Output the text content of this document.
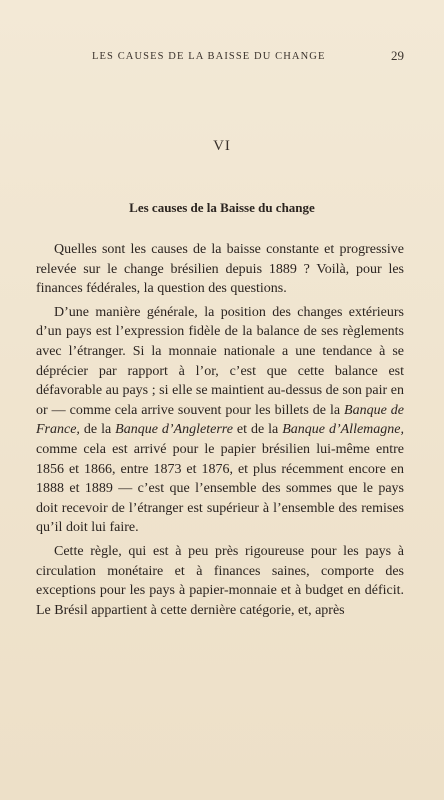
LES CAUSES DE LA BAISSE DU CHANGE	29
VI
Les causes de la Baisse du change

Quelles sont les causes de la baisse constante et progressive relevée sur le change brésilien depuis 1889 ? Voilà, pour les finances fédérales, la question des questions.

D’une manière générale, la position des changes extérieurs d’un pays est l’expression fidèle de la balance de ses règlements avec l’étranger. Si la monnaie nationale a une tendance à se déprécier par rapport à l’or, c’est que cette balance est défavorable au pays ; si elle se maintient au-dessus de son pair en or — comme cela arrive souvent pour les billets de la Banque de France, de la Banque d’Angleterre et de la Banque d’Allemagne, comme cela est arrivé pour le papier brésilien lui-même entre 1856 et 1866, entre 1873 et 1876, et plus récemment encore en 1888 et 1889 — c’est que l’ensemble des sommes que le pays doit recevoir de l’étranger est supérieur à l’ensemble des remises qu’il doit lui faire.

Cette règle, qui est à peu près rigoureuse pour les pays à circulation monétaire et à finances saines, comporte des exceptions pour les pays à papier-monnaie et à budget en déficit. Le Brésil appartient à cette dernière catégorie, et, après
